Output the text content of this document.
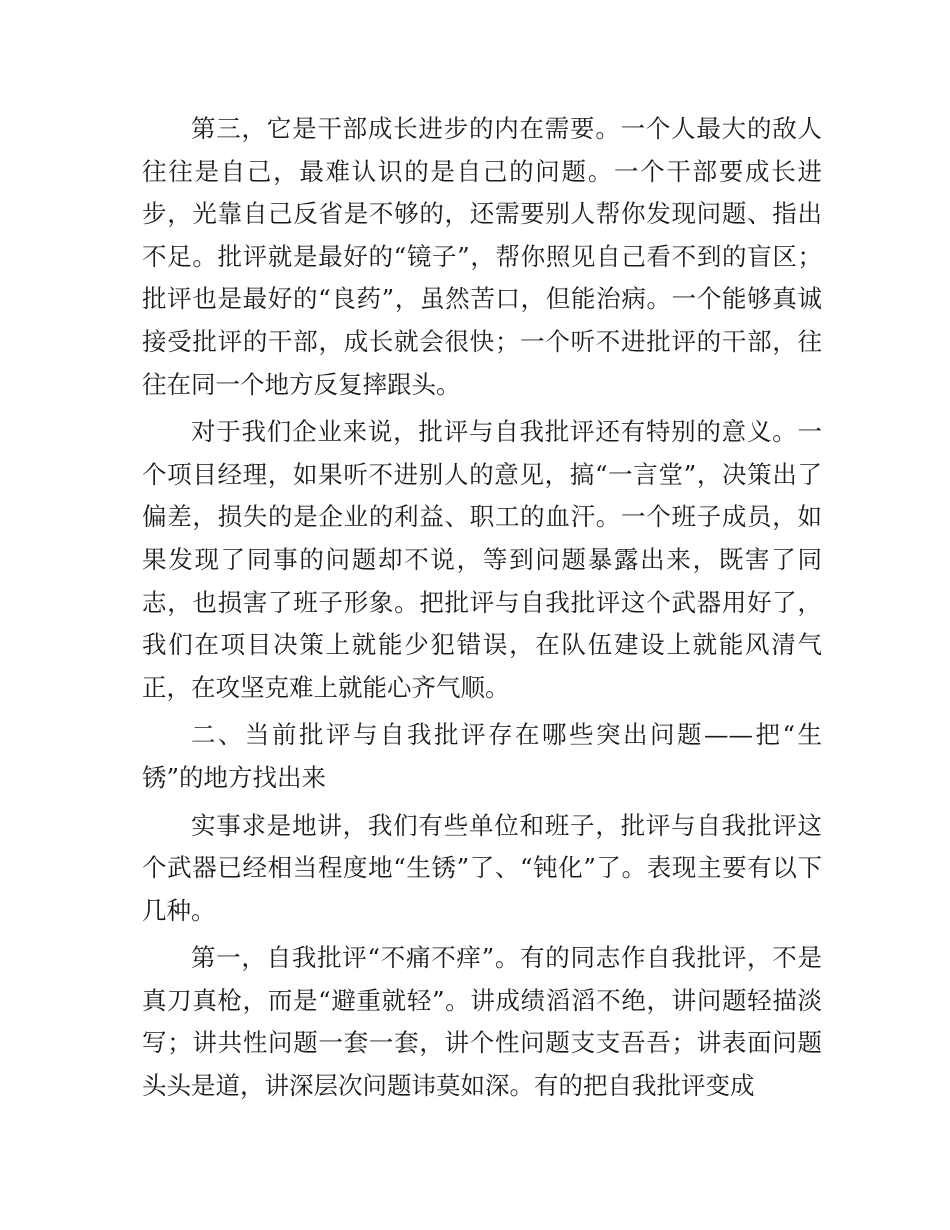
第三，它是干部成长进步的内在需要。一个人最大的敌人往往是自己，最难认识的是自己的问题。一个干部要成长进步，光靠自己反省是不够的，还需要别人帮你发现问题、指出不足。批评就是最好的“镜子”，帮你照见自己看不到的盲区；批评也是最好的“良药”，虽然苦口，但能治病。一个能够真诚接受批评的干部，成长就会很快；一个听不进批评的干部，往往在同一个地方反复摔跟头。

对于我们企业来说，批评与自我批评还有特别的意义。一个项目经理，如果听不进别人的意见，搞“一言堂”，决策出了偏差，损失的是企业的利益、职工的血汗。一个班子成员，如果发现了同事的问题却不说，等到问题暴露出来，既害了同志，也损害了班子形象。把批评与自我批评这个武器用好了，我们在项目决策上就能少犯错误，在队伍建设上就能风清气正，在攻坚克难上就能心齐气顺。

二、当前批评与自我批评存在哪些突出问题——把“生锈”的地方找出来

实事求是地讲，我们有些单位和班子，批评与自我批评这个武器已经相当程度地“生锈”了、“钝化”了。表现主要有以下几种。

第一，自我批评“不痛不痒”。有的同志作自我批评，不是真刀真枪，而是“避重就轻”。讲成绩滔滔不绝，讲问题轻描淡写；讲共性问题一套一套，讲个性问题支支吾吾；讲表面问题头头是道，讲深层次问题讳莫如深。有的把自我批评变成
